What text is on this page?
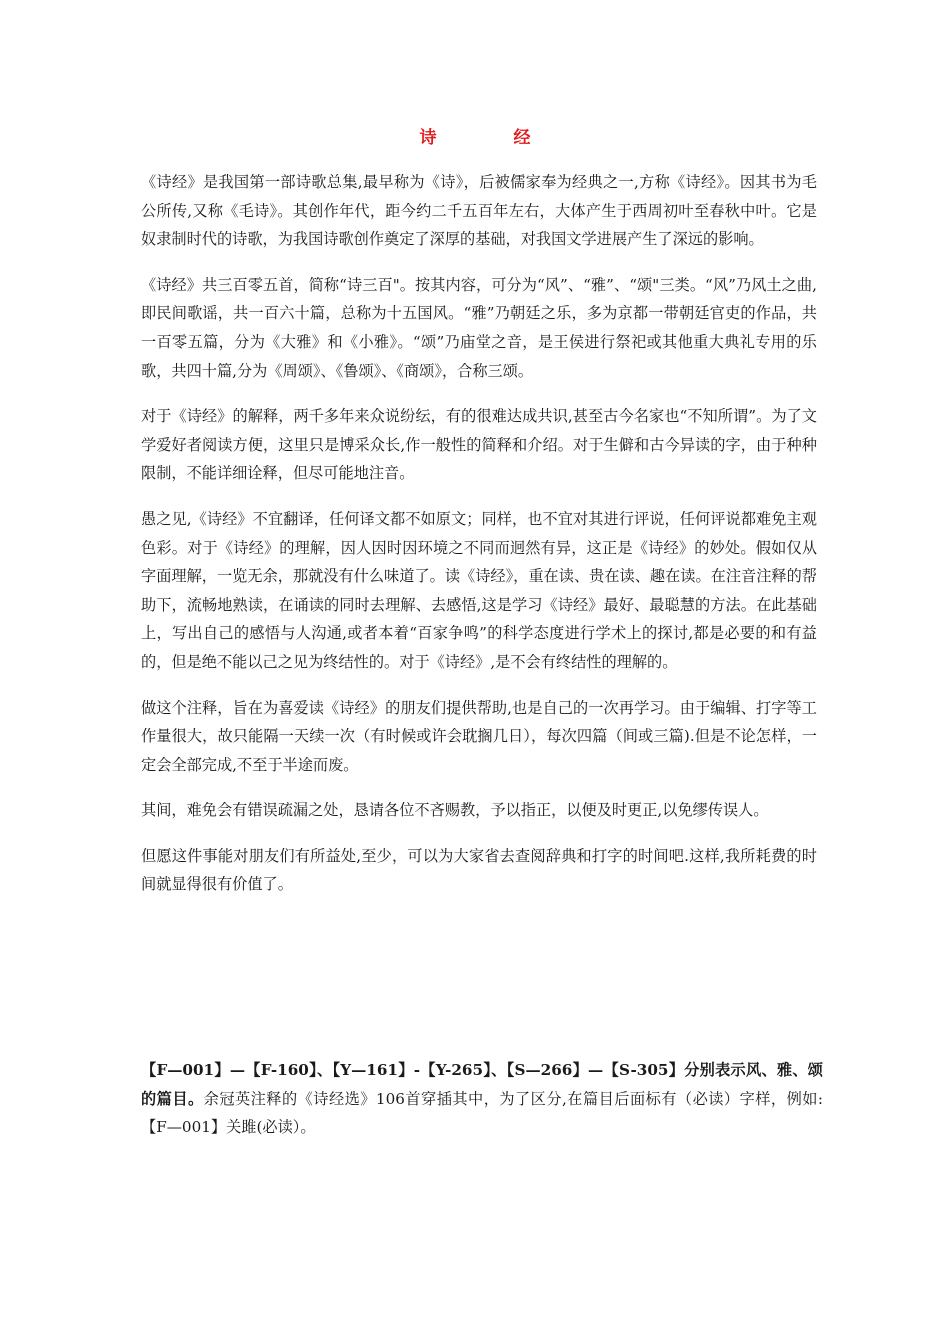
诗　经

《诗经》是我国第一部诗歌总集,最早称为《诗》，后被儒家奉为经典之一,方称《诗经》。因其书为毛公所传,又称《毛诗》。其创作年代，距今约二千五百年左右，大体产生于西周初叶至春秋中叶。它是奴隶制时代的诗歌，为我国诗歌创作奠定了深厚的基础，对我国文学进展产生了深远的影响。

《诗经》共三百零五首，简称“诗三百"。按其内容，可分为“风”、“雅”、“颂"三类。“风”乃风土之曲,即民间歌谣，共一百六十篇，总称为十五国风。“雅”乃朝廷之乐，多为京都一带朝廷官吏的作品，共一百零五篇，分为《大雅》和《小雅》。“颂”乃庙堂之音，是王侯进行祭祀或其他重大典礼专用的乐歌，共四十篇,分为《周颂》、《鲁颂》、《商颂》，合称三颂。

对于《诗经》的解释，两千多年来众说纷纭，有的很难达成共识,甚至古今名家也“不知所谓”。为了文学爱好者阅读方便，这里只是博采众长,作一般性的简释和介绍。对于生僻和古今异读的字，由于种种限制，不能详细诠释，但尽可能地注音。

愚之见,《诗经》不宜翻译，任何译文都不如原文；同样，也不宜对其进行评说，任何评说都难免主观色彩。对于《诗经》的理解，因人因时因环境之不同而迥然有异，这正是《诗经》的妙处。假如仅从字面理解，一览无余，那就没有什么味道了。读《诗经》，重在读、贵在读、趣在读。在注音注释的帮助下，流畅地熟读，在诵读的同时去理解、去感悟,这是学习《诗经》最好、最聪慧的方法。在此基础上，写出自己的感悟与人沟通,或者本着“百家争鸣”的科学态度进行学术上的探讨,都是必要的和有益的，但是绝不能以己之见为终结性的。对于《诗经》,是不会有终结性的理解的。

做这个注释，旨在为喜爱读《诗经》的朋友们提供帮助,也是自己的一次再学习。由于编辑、打字等工作量很大，故只能隔一天续一次（有时候或许会耽搁几日），每次四篇（间或三篇).但是不论怎样，一定会全部完成,不至于半途而废。

其间，难免会有错误疏漏之处，恳请各位不吝赐教，予以指正，以便及时更正,以免缪传误人。

但愿这件事能对朋友们有所益处,至少，可以为大家省去查阅辞典和打字的时间吧.这样,我所耗费的时间就显得很有价值了。

【F—001】—【F-160】、【Y—161】-【Y-265】、【S—266】—【S-305】分别表示风、雅、颂的篇目。余冠英注释的《诗经选》106首穿插其中，为了区分,在篇目后面标有（必读）字样，例如:【F—001】关雎(必读）。
